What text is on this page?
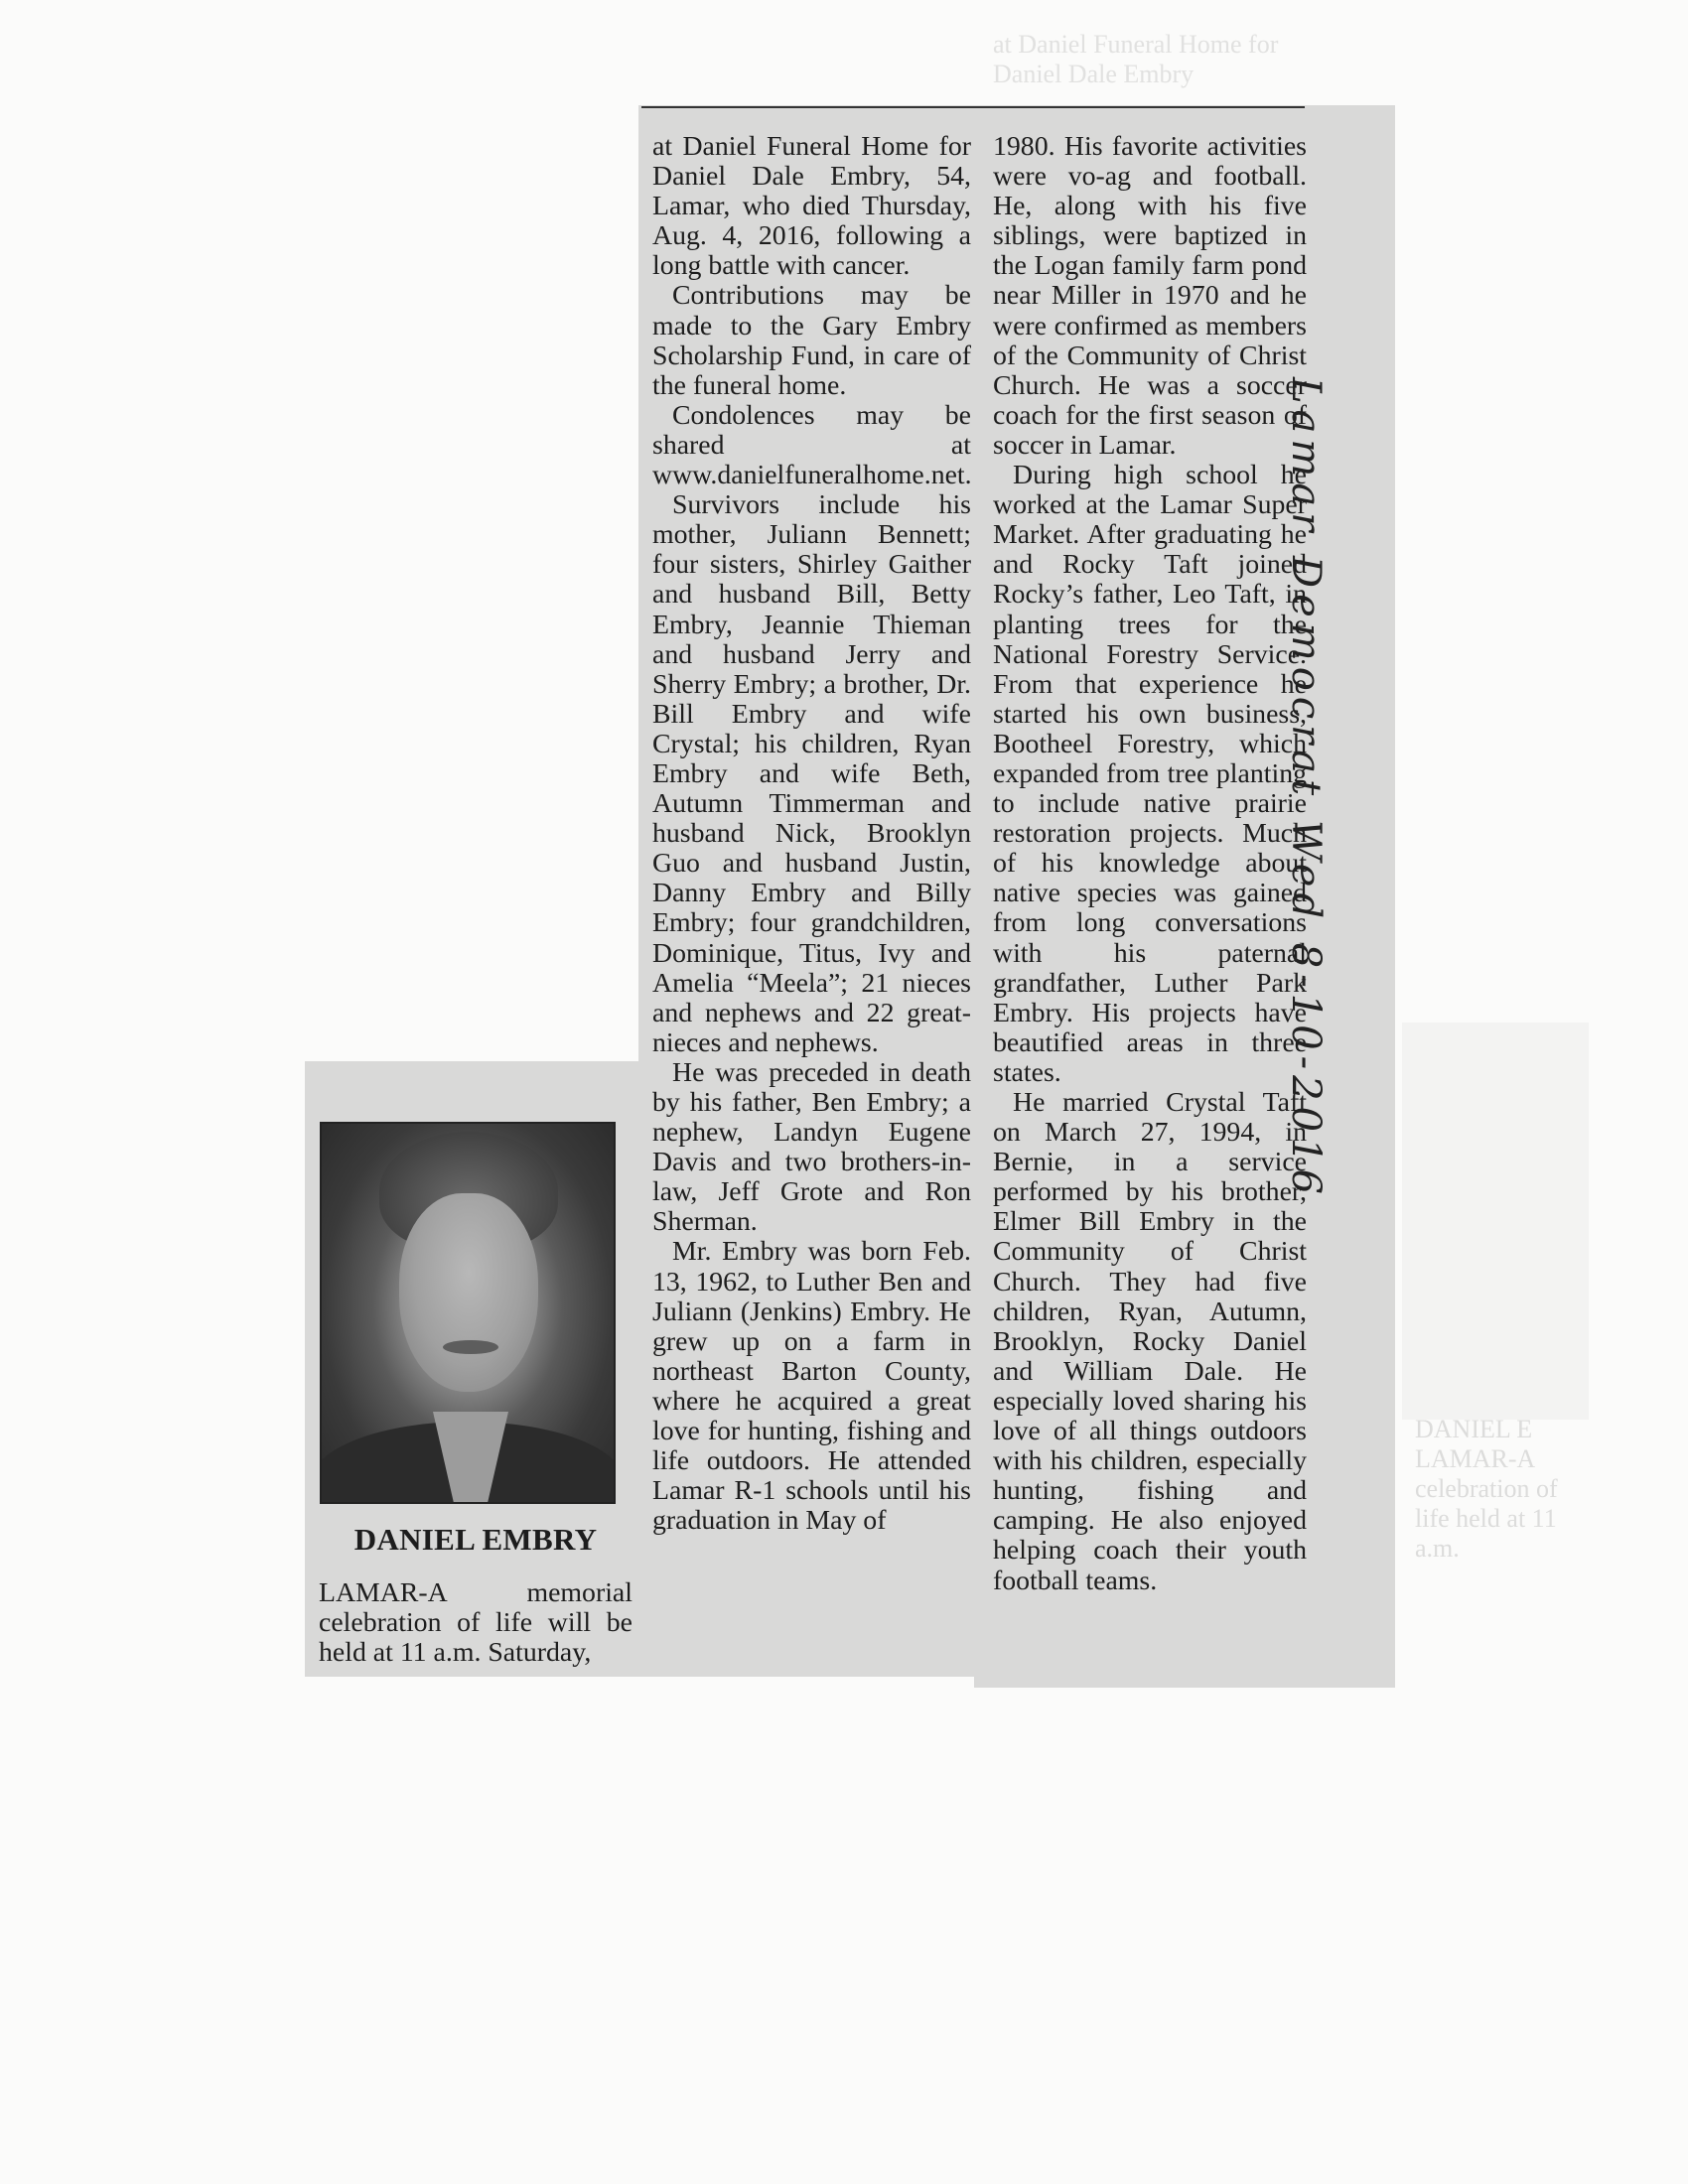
at Daniel Funeral Home for Daniel Dale Embry
DANIEL E LAMAR-A celebration of life held at 11 a.m.
DANIEL EMBRY

LAMAR-A memorial celebration of life will be held at 11 a.m. Saturday,

at Daniel Funeral Home for Daniel Dale Embry, 54, Lamar, who died Thursday, Aug. 4, 2016, following a long battle with cancer.

Contributions may be made to the Gary Embry Scholarship Fund, in care of the funeral home.

Condolences may be shared at www.danielfuneralhome.net.

Survivors include his mother, Juliann Bennett; four sisters, Shirley Gaither and husband Bill, Betty Embry, Jeannie Thieman and husband Jerry and Sherry Embry; a brother, Dr. Bill Embry and wife Crystal; his children, Ryan Embry and wife Beth, Autumn Timmerman and husband Nick, Brooklyn Guo and husband Justin, Danny Embry and Billy Embry; four grandchildren, Dominique, Titus, Ivy and Amelia “Meela”; 21 nieces and nephews and 22 great-nieces and nephews.

He was preceded in death by his father, Ben Embry; a nephew, Landyn Eugene Davis and two brothers-in-law, Jeff Grote and Ron Sherman.

Mr. Embry was born Feb. 13, 1962, to Luther Ben and Juliann (Jenkins) Embry. He grew up on a farm in northeast Barton County, where he acquired a great love for hunting, fishing and life outdoors. He attended Lamar R-1 schools until his graduation in May of

1980. His favorite activities were vo-ag and football. He, along with his five siblings, were baptized in the Logan family farm pond near Miller in 1970 and he were confirmed as members of the Community of Christ Church. He was a soccer coach for the first season of soccer in Lamar.

During high school he worked at the Lamar Super Market. After graduating he and Rocky Taft joined Rocky’s father, Leo Taft, in planting trees for the National Forestry Service. From that experience he started his own business, Bootheel Forestry, which expanded from tree planting to include native prairie restoration projects. Much of his knowledge about native species was gained from long conversations with his paternal grandfather, Luther Park Embry. His projects have beautified areas in three states.

He married Crystal Taft on March 27, 1994, in Bernie, in a service performed by his brother, Elmer Bill Embry in the Community of Christ Church. They had five children, Ryan, Autumn, Brooklyn, Rocky Daniel and William Dale. He especially loved sharing his love of all things outdoors with his children, especially hunting, fishing and camping. He also enjoyed helping coach their youth football teams.

Lamar Democrat Wed 8-10-2016
